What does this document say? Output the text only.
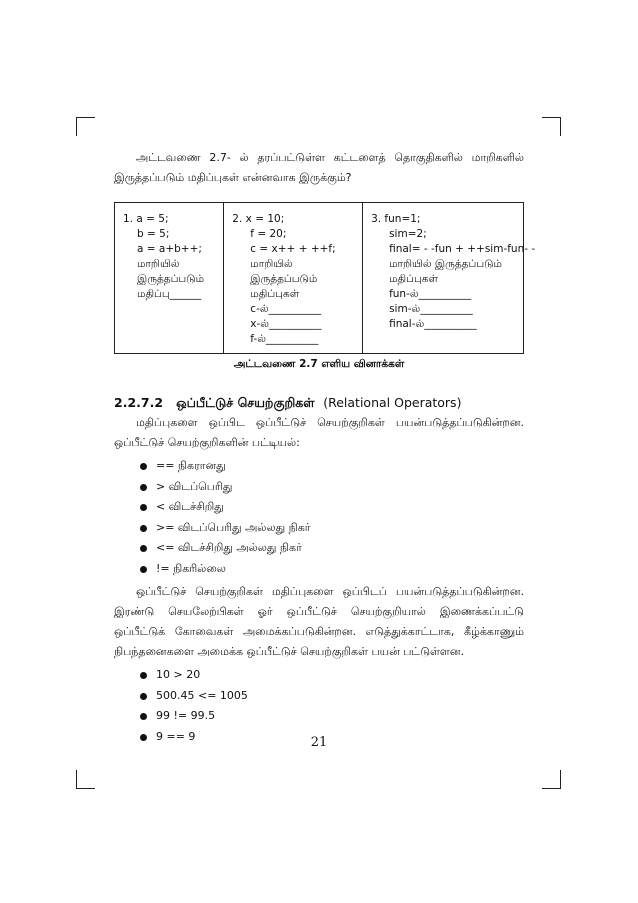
அட்டவணை 2.7- ல் தரப்பட்டுள்ள கட்டளைத் தொகுதிகளில் மாறிகளில் இருத்தப்படும் மதிப்புகள் என்னவாக இருக்கும்?

1. a = 5;
b = 5;
a = a+b++;
மாறியில்
இருத்தப்படும்
மதிப்பு______

2. x = 10;
f = 20;
c = x++ + ++f;
மாறியில்
இருத்தப்படும்
மதிப்புகள்
c-ல்__________
x-ல்__________
f-ல்__________

3. fun=1;
sim=2;
final= - -fun + ++sim-fun- -
மாறியில் இருத்தப்படும்
மதிப்புகள்
fun-ல்__________
sim-ல்__________
final-ல்__________
அட்டவணை 2.7 எளிய வினாக்கள்
2.2.7.2 ஒப்பீட்டுச் செயற்குறிகள் (Relational Operators)

மதிப்புகளை ஒப்பிட ஒப்பீட்டுச் செயற்குறிகள் பயன்படுத்தப்படுகின்றன. ஒப்பீட்டுச் செயற்குறிகளின் பட்டியல்:

== நிகரானது
> விடப்பெரிது
< விடச்சிறிது
>= விடப்பெரிது அல்லது நிகர்
<= விடச்சிறிது அல்லது நிகர்
!= நிகரில்லை

ஒப்பீட்டுச் செயற்குறிகள் மதிப்புகளை ஒப்பிடப் பயன்படுத்தப்படுகின்றன. இரண்டு செயலேற்பிகள் ஓர் ஒப்பீட்டுச் செயற்குறியால் இணைக்கப்பட்டு ஒப்பீட்டுக் கோவைகள் அமைக்கப்படுகின்றன. எடுத்துக்காட்டாக, கீழ்க்காணும் நிபந்தனைகளை அமைக்க ஒப்பீட்டுச் செயற்குறிகள் பயன் பட்டுள்ளன.

10 > 20
500.45 <= 1005
99 != 99.5
9 == 9	21
